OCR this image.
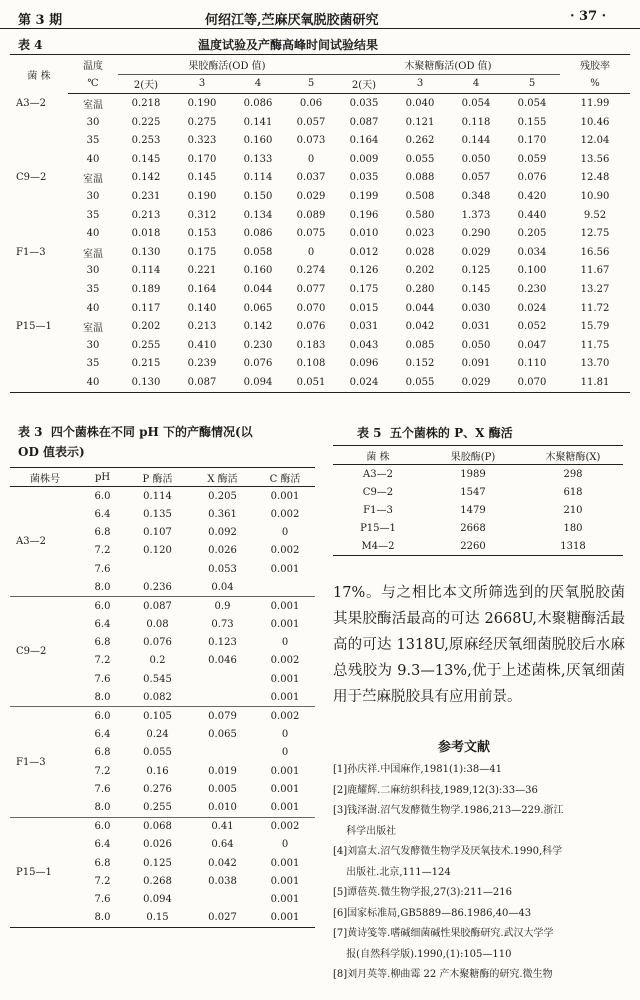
第 3 期	何绍江等,苎麻厌氧脱胶菌研究	· 37 ·
表 4	温度试验及产酶高峰时间试验结果
菌 株	温度	果胶酶活(OD 值)				木聚糖酶活(OD 值)				残胶率
	℃	2(天)	3	4	5	2(天)	3	4	5	%
A3—2	室温	0.218	0.190	0.086	0.06	0.035	0.040	0.054	0.054	11.99
	30	0.225	0.275	0.141	0.057	0.087	0.121	0.118	0.155	10.46
	35	0.253	0.323	0.160	0.073	0.164	0.262	0.144	0.170	12.04
	40	0.145	0.170	0.133	0	0.009	0.055	0.050	0.059	13.56
C9—2	室温	0.142	0.145	0.114	0.037	0.035	0.088	0.057	0.076	12.48
	30	0.231	0.190	0.150	0.029	0.199	0.508	0.348	0.420	10.90
	35	0.213	0.312	0.134	0.089	0.196	0.580	1.373	0.440	9.52
	40	0.018	0.153	0.086	0.075	0.010	0.023	0.290	0.205	12.75
F1—3	室温	0.130	0.175	0.058	0	0.012	0.028	0.029	0.034	16.56
	30	0.114	0.221	0.160	0.274	0.126	0.202	0.125	0.100	11.67
	35	0.189	0.164	0.044	0.077	0.175	0.280	0.145	0.230	13.27
	40	0.117	0.140	0.065	0.070	0.015	0.044	0.030	0.024	11.72
P15—1	室温	0.202	0.213	0.142	0.076	0.031	0.042	0.031	0.052	15.79
	30	0.255	0.410	0.230	0.183	0.043	0.085	0.050	0.047	11.75
	35	0.215	0.239	0.076	0.108	0.096	0.152	0.091	0.110	13.70
	40	0.130	0.087	0.094	0.051	0.024	0.055	0.029	0.070	11.81
表 3 四个菌株在不同 pH 下的产酶情况(以
OD 值表示)
菌株号	pH	P 酶活	X 酶活	C 酶活
A3—2	6.0	0.114	0.205	0.001
	6.4	0.135	0.361	0.002
	6.8	0.107	0.092	0
	7.2	0.120	0.026	0.002
	7.6		0.053	0.001
	8.0	0.236	0.04	
C9—2	6.0	0.087	0.9	0.001
	6.4	0.08	0.73	0.001
	6.8	0.076	0.123	0
	7.2	0.2	0.046	0.002
	7.6	0.545		0.001
	8.0	0.082		0.001
F1—3	6.0	0.105	0.079	0.002
	6.4	0.24	0.065	0
	6.8	0.055		0
	7.2	0.16	0.019	0.001
	7.6	0.276	0.005	0.001
	8.0	0.255	0.010	0.001
P15—1	6.0	0.068	0.41	0.002
	6.4	0.026	0.64	0
	6.8	0.125	0.042	0.001
	7.2	0.268	0.038	0.001
	7.6	0.094		0.001
	8.0	0.15	0.027	0.001
表 5 五个菌株的 P、X 酶活
菌 株	果胶酶(P)	木聚糖酶(X)
A3—2	1989	298
C9—2	1547	618
F1—3	1479	210
P15—1	2668	180
M4—2	2260	1318
17%。与之相比本文所筛选到的厌氧脱胶菌其果胶酶活最高的可达 2668U,木聚糖酶活最高的可达 1318U,原麻经厌氧细菌脱胶后水麻总残胶为 9.3—13%,优于上述菌株,厌氧细菌用于苎麻脱胶具有应用前景。
参考文献
[1]孙庆祥.中国麻作,1981(1):38—41
[2]鹿耀辉.二麻纺织科技,1989,12(3):33—36
[3]钱泽澍.沼气发酵微生物学.1986,213—229.浙江
　 科学出版社
[4]刘富太.沼气发酵微生物学及厌氧技术.1990,科学
　 出版社.北京,111—124
[5]谭蓓英.微生物学报,27(3):211—216
[6]国家标准局,GB5889—86.1986,40—43
[7]黄诗笺等.嗜碱细菌碱性果胶酶研究.武汉大学学
　 报(自然科学版).1990,(1):105—110
[8]刘月英等.柳曲霉 22 产木聚糖酶的研究.微生物
